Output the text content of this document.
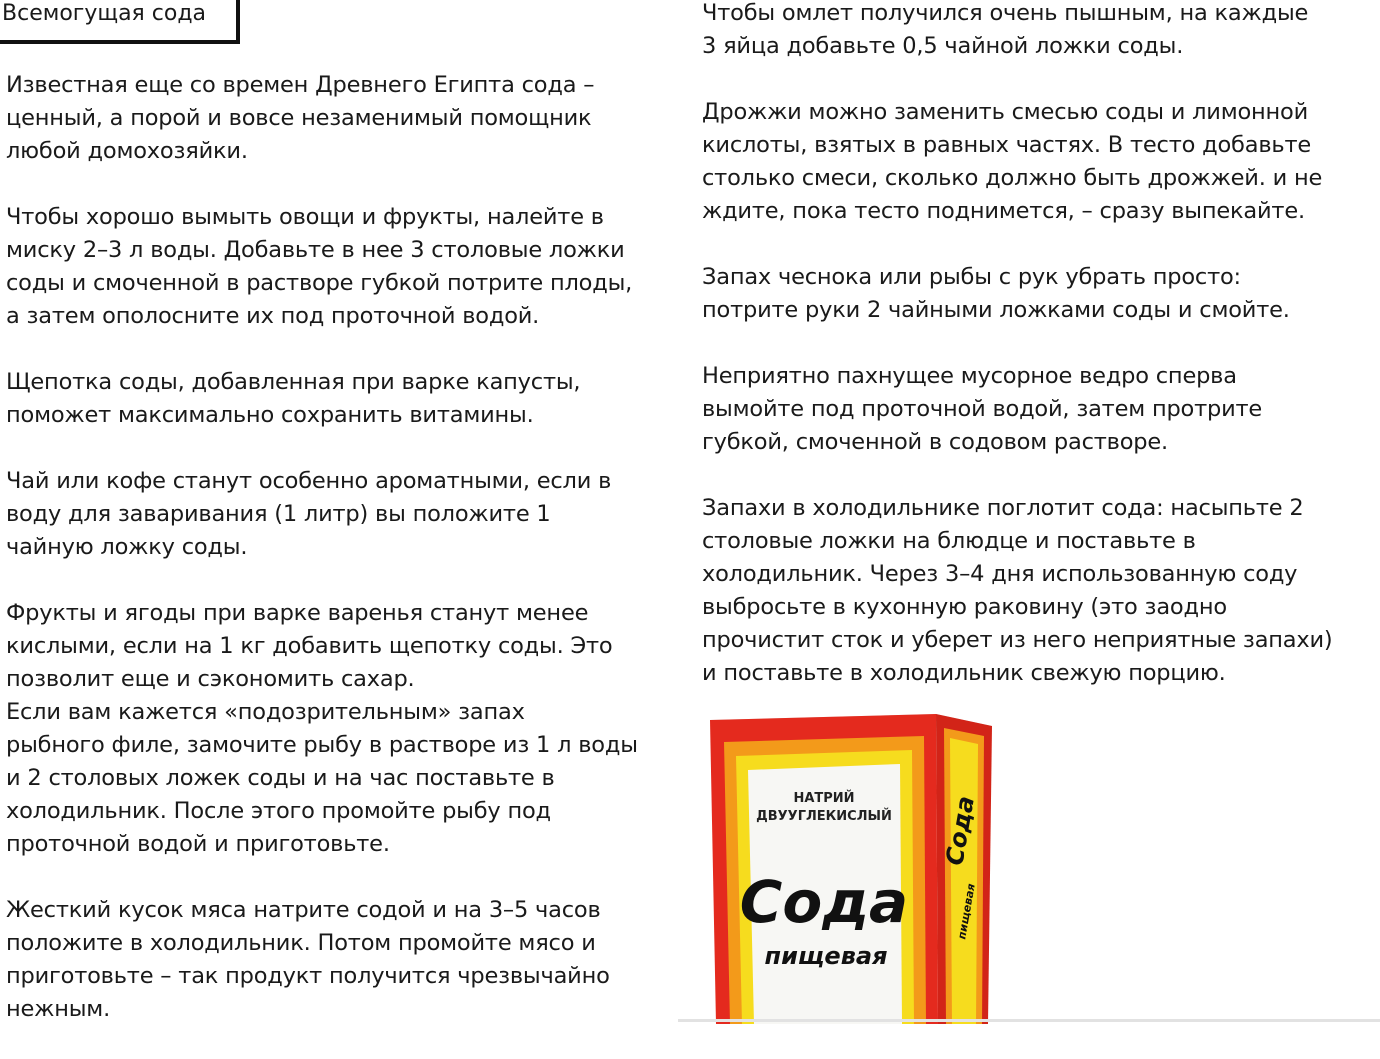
Всемогущая сода

Известная еще со времен Древнего Египта сода –
ценный, а порой и вовсе незаменимый помощник
любой домохозяйки.

Чтобы хорошо вымыть овощи и фрукты, налейте в
миску 2–3 л воды. Добавьте в нее 3 столовые ложки
соды и смоченной в растворе губкой потрите плоды,
а затем ополосните их под проточной водой.

Щепотка соды, добавленная при варке капусты,
поможет максимально сохранить витамины.

Чай или кофе станут особенно ароматными, если в
воду для заваривания (1 литр) вы положите 1
чайную ложку соды.

Фрукты и ягоды при варке варенья станут менее
кислыми, если на 1 кг добавить щепотку соды. Это
позволит еще и сэкономить сахар.

Если вам кажется «подозрительным» запах
рыбного филе, замочите рыбу в растворе из 1 л воды
и 2 столовых ложек соды и на час поставьте в
холодильник. После этого промойте рыбу под
проточной водой и приготовьте.

Жесткий кусок мяса натрите содой и на 3–5 часов
положите в холодильник. Потом промойте мясо и
приготовьте – так продукт получится чрезвычайно
нежным.

Чтобы омлет получился очень пышным, на каждые
3 яйца добавьте 0,5 чайной ложки соды.

Дрожжи можно заменить смесью соды и лимонной
кислоты, взятых в равных частях. В тесто добавьте
столько смеси, сколько должно быть дрожжей. и не
ждите, пока тесто поднимется, – сразу выпекайте.

Запах чеснока или рыбы с рук убрать просто:
потрите руки 2 чайными ложками соды и смойте.

Неприятно пахнущее мусорное ведро сперва
вымойте под проточной водой, затем протрите
губкой, смоченной в содовом растворе.

Запахи в холодильнике поглотит сода: насыпьте 2
столовые ложки на блюдце и поставьте в
холодильник. Через 3–4 дня использованную соду
выбросьте в кухонную раковину (это заодно
прочистит сток и уберет из него неприятные запахи)
и поставьте в холодильник свежую порцию.

НАТРИЙ
ДВУУГЛЕКИСЛЫЙ
Сода
пищевая
Сода
пищевая
